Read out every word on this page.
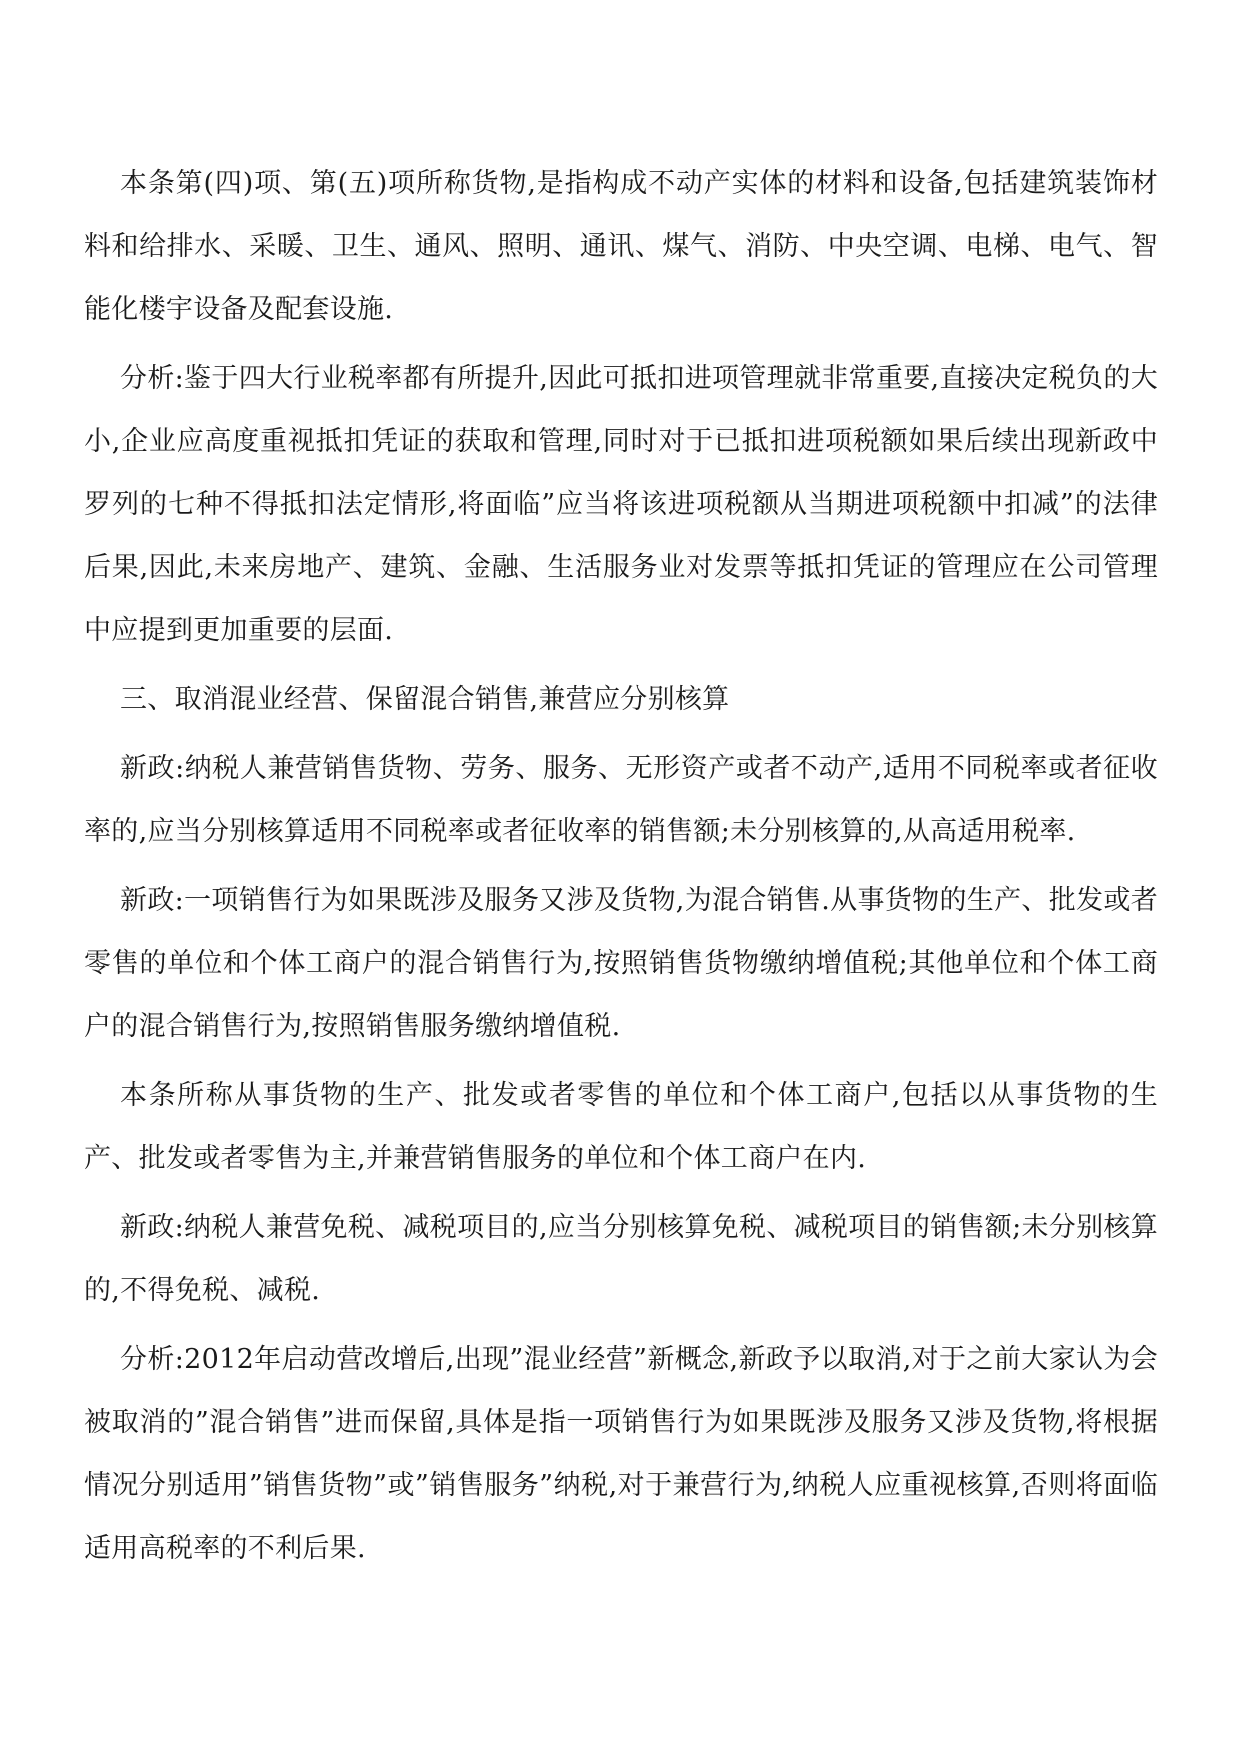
本条第(四)项、第(五)项所称货物,是指构成不动产实体的材料和设备,包括建筑装饰材料和给排水、采暖、卫生、通风、照明、通讯、煤气、消防、中央空调、电梯、电气、智能化楼宇设备及配套设施.

分析:鉴于四大行业税率都有所提升,因此可抵扣进项管理就非常重要,直接决定税负的大小,企业应高度重视抵扣凭证的获取和管理,同时对于已抵扣进项税额如果后续出现新政中罗列的七种不得抵扣法定情形,将面临”应当将该进项税额从当期进项税额中扣减”的法律后果,因此,未来房地产、建筑、金融、生活服务业对发票等抵扣凭证的管理应在公司管理中应提到更加重要的层面.

三、取消混业经营、保留混合销售,兼营应分别核算

新政:纳税人兼营销售货物、劳务、服务、无形资产或者不动产,适用不同税率或者征收率的,应当分别核算适用不同税率或者征收率的销售额;未分别核算的,从高适用税率.

新政:一项销售行为如果既涉及服务又涉及货物,为混合销售.从事货物的生产、批发或者零售的单位和个体工商户的混合销售行为,按照销售货物缴纳增值税;其他单位和个体工商户的混合销售行为,按照销售服务缴纳增值税.

本条所称从事货物的生产、批发或者零售的单位和个体工商户,包括以从事货物的生产、批发或者零售为主,并兼营销售服务的单位和个体工商户在内.

新政:纳税人兼营免税、减税项目的,应当分别核算免税、减税项目的销售额;未分别核算的,不得免税、减税.

分析:2012年启动营改增后,出现”混业经营”新概念,新政予以取消,对于之前大家认为会被取消的”混合销售”进而保留,具体是指一项销售行为如果既涉及服务又涉及货物,将根据情况分别适用”销售货物”或”销售服务”纳税,对于兼营行为,纳税人应重视核算,否则将面临适用高税率的不利后果.
